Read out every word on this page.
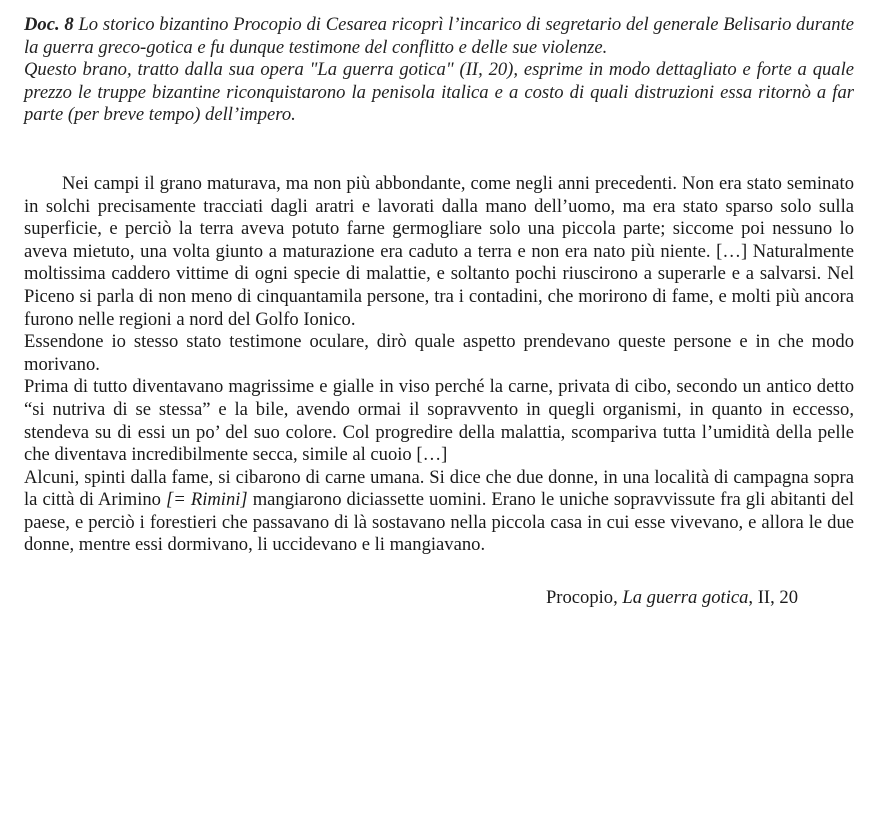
Doc. 8 Lo storico bizantino Procopio di Cesarea ricoprì l’incarico di segretario del generale Belisario durante la guerra greco-gotica e fu dunque testimone del conflitto e delle sue violenze.

Questo brano, tratto dalla sua opera "La guerra gotica" (II, 20), esprime in modo dettagliato e forte a quale prezzo le truppe bizantine riconquistarono la penisola italica e a costo di quali distruzioni essa ritornò a far parte (per breve tempo) dell’impero.

Nei campi il grano maturava, ma non più abbondante, come negli anni precedenti. Non era stato seminato in solchi precisamente tracciati dagli aratri e lavorati dalla mano dell’uomo, ma era stato sparso solo sulla superficie, e perciò la terra aveva potuto farne germogliare solo una piccola parte; siccome poi nessuno lo aveva mietuto, una volta giunto a maturazione era caduto a terra e non era nato più niente. […] Naturalmente moltissima caddero vittime di ogni specie di malattie, e soltanto pochi riuscirono a superarle e a salvarsi. Nel Piceno si parla di non meno di cinquantamila persone, tra i contadini, che morirono di fame, e molti più ancora furono nelle regioni a nord del Golfo Ionico.

Essendone io stesso stato testimone oculare, dirò quale aspetto prendevano queste persone e in che modo morivano.

Prima di tutto diventavano magrissime e gialle in viso perché la carne, privata di cibo, secondo un antico detto “si nutriva di se stessa” e la bile, avendo ormai il sopravvento in quegli organismi, in quanto in eccesso, stendeva su di essi un po’ del suo colore. Col progredire della malattia, scompariva tutta l’umidità della pelle che diventava incredibilmente secca, simile al cuoio […]

Alcuni, spinti dalla fame, si cibarono di carne umana. Si dice che due donne, in una località di campagna sopra la città di Arimino [= Rimini] mangiarono diciassette uomini. Erano le uniche sopravvissute fra gli abitanti del paese, e perciò i forestieri che passavano di là sostavano nella piccola casa in cui esse vivevano, e allora le due donne, mentre essi dormivano, li uccidevano e li mangiavano.

Procopio, La guerra gotica, II, 20
